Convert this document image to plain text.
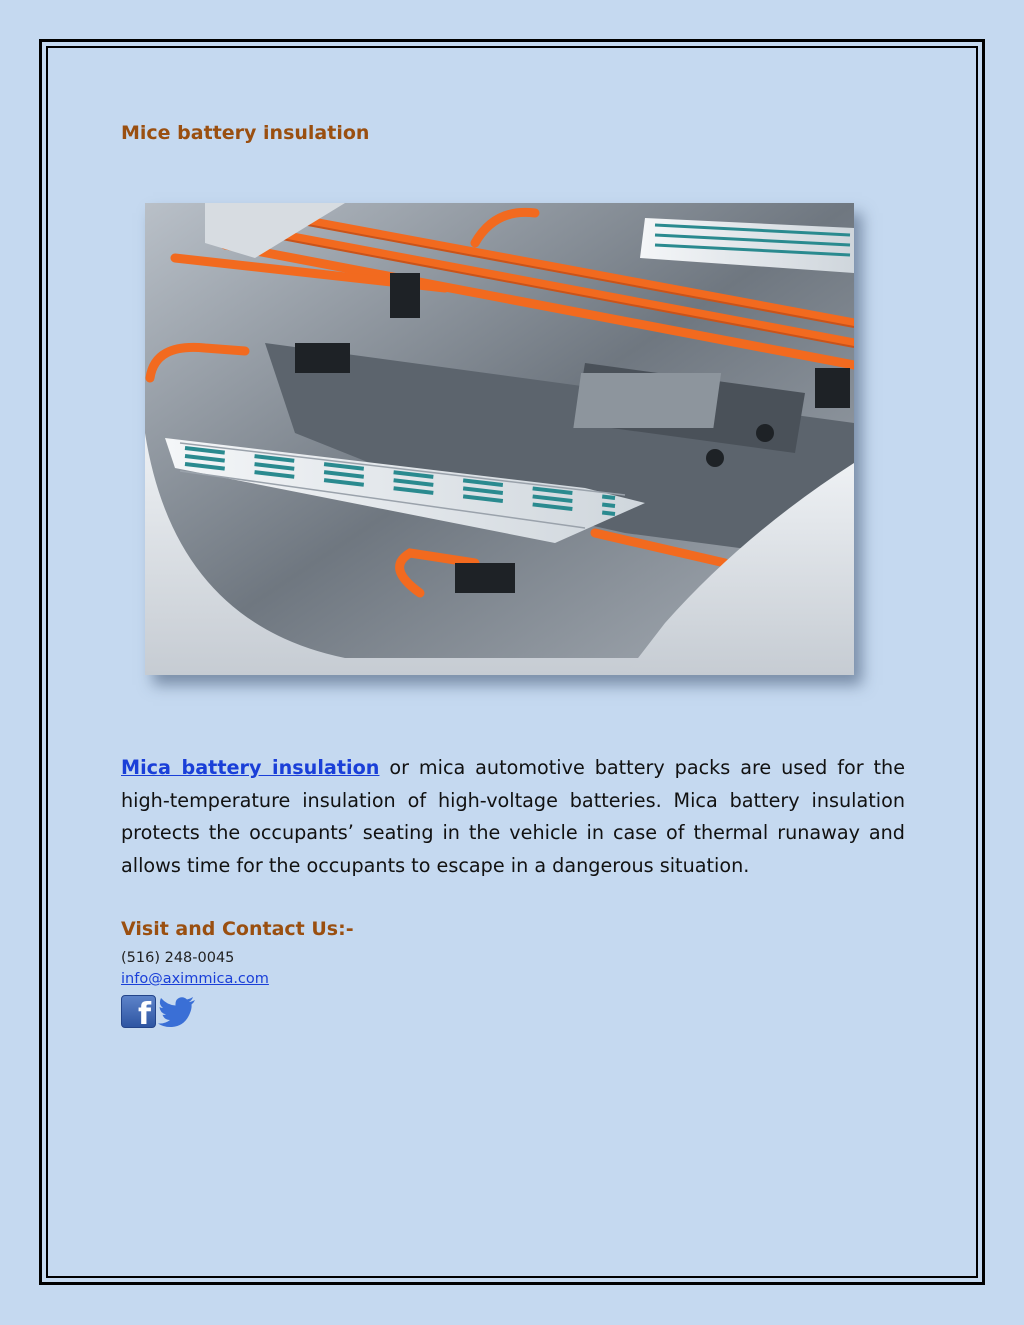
Mice battery insulation

Mica battery insulation or mica automotive battery packs are used for the high-temperature insulation of high-voltage batteries. Mica battery insulation protects the occupants’ seating in the vehicle in case of thermal runaway and allows time for the occupants to escape in a dangerous situation.

Visit and Contact Us:-

(516) 248-0045

info@aximmica.com
f
